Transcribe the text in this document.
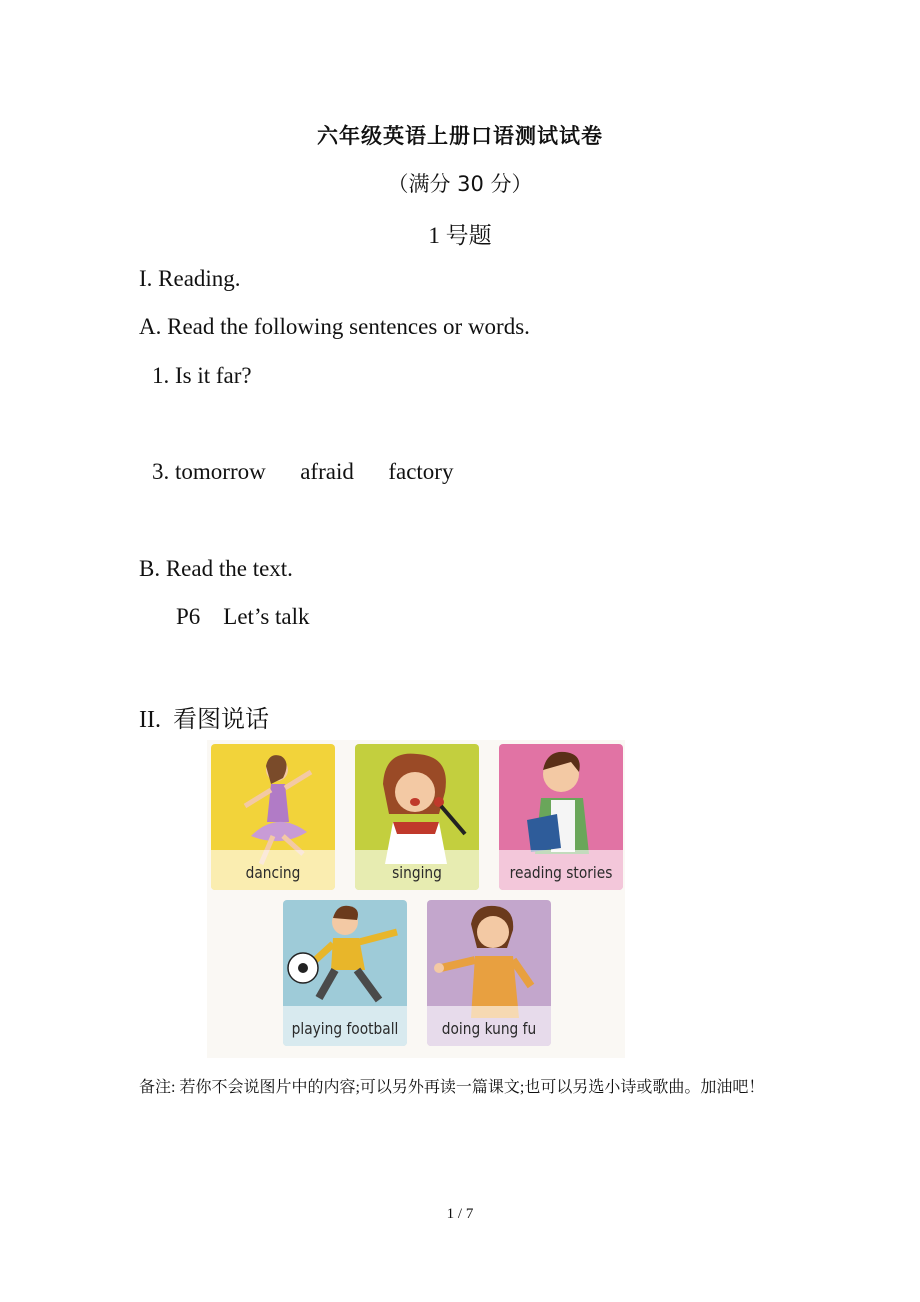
六年级英语上册口语测试试卷
（满分 30 分）
1 号题
I. Reading.
A. Read the following sentences or words.
1. Is it far?
3. tomorrow      afraid      factory
B. Read the text.
P6    Let’s talk
II.  看图说话
dancing	singing	reading stories
playing football	doing kung fu
备注: 若你不会说图片中的内容;可以另外再读一篇课文;也可以另选小诗或歌曲。加油吧！
1 / 7
